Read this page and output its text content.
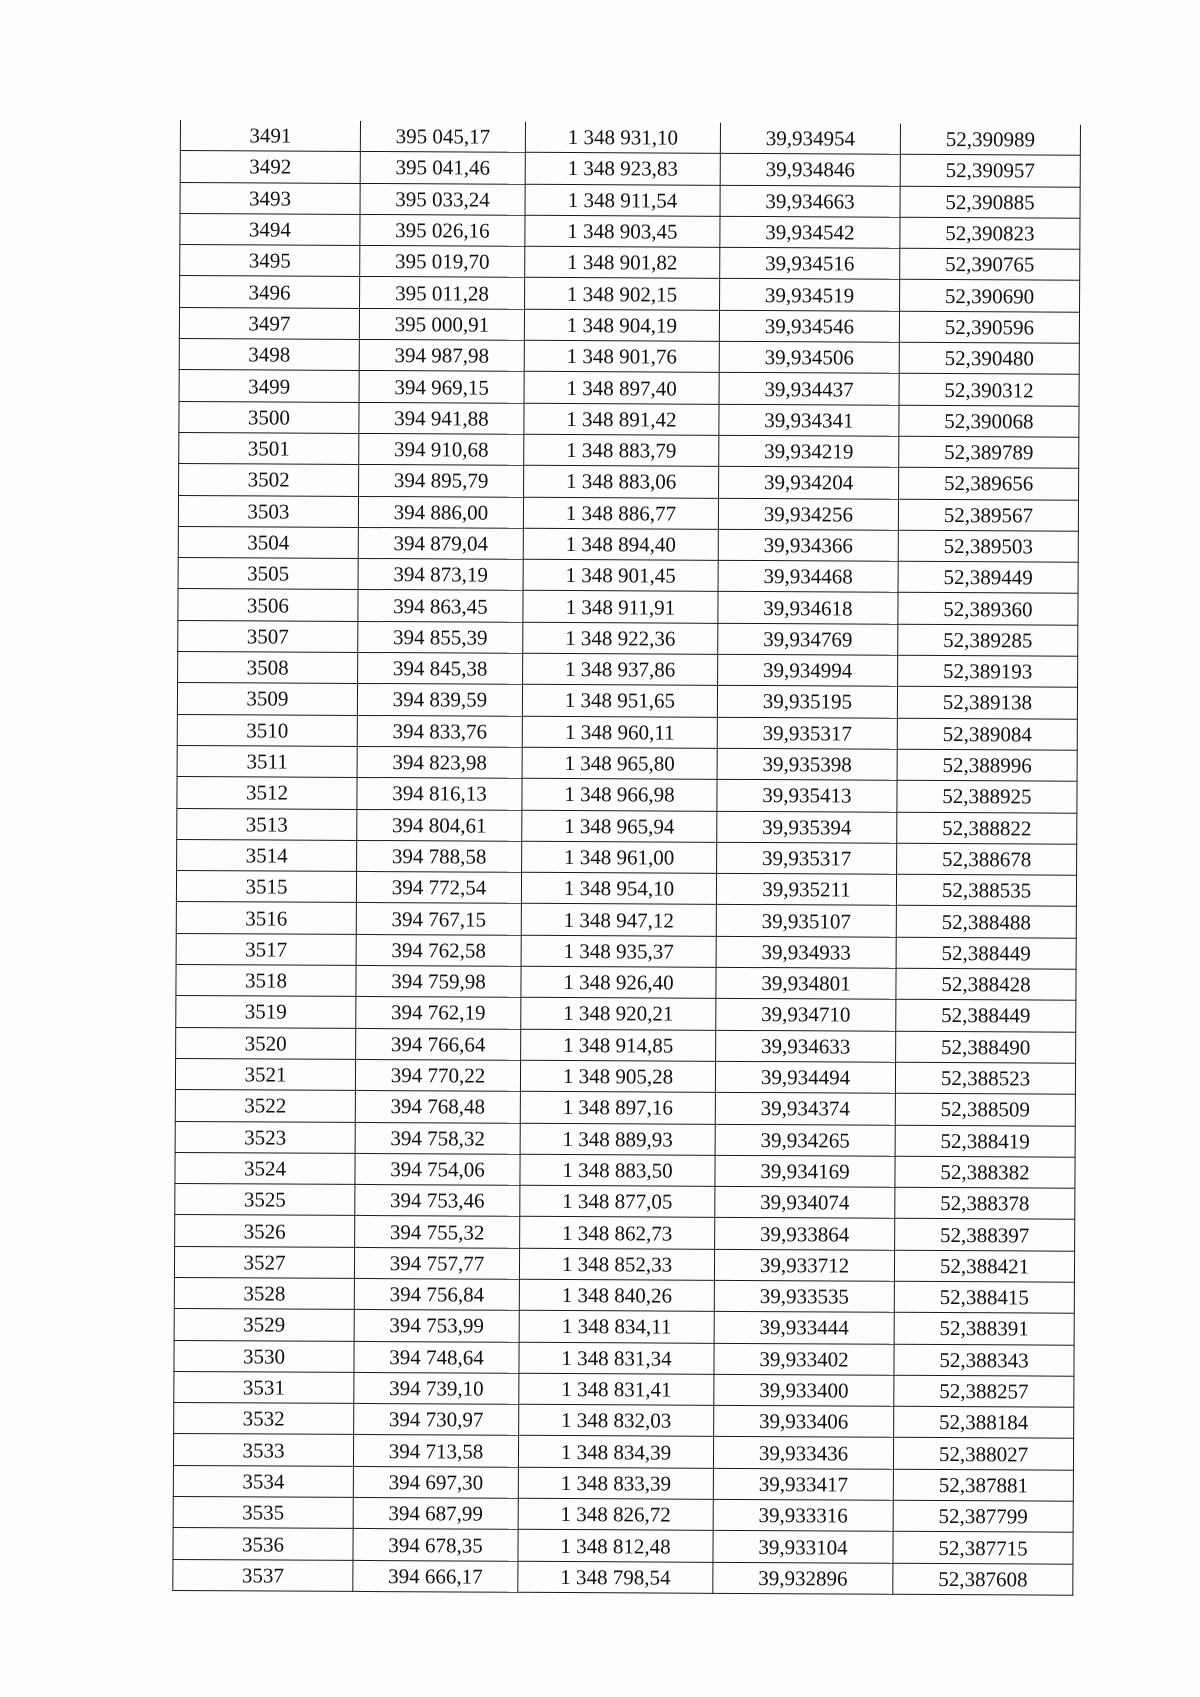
3491	395 045,17	1 348 931,10	39,934954	52,390989
3492	395 041,46	1 348 923,83	39,934846	52,390957
3493	395 033,24	1 348 911,54	39,934663	52,390885
3494	395 026,16	1 348 903,45	39,934542	52,390823
3495	395 019,70	1 348 901,82	39,934516	52,390765
3496	395 011,28	1 348 902,15	39,934519	52,390690
3497	395 000,91	1 348 904,19	39,934546	52,390596
3498	394 987,98	1 348 901,76	39,934506	52,390480
3499	394 969,15	1 348 897,40	39,934437	52,390312
3500	394 941,88	1 348 891,42	39,934341	52,390068
3501	394 910,68	1 348 883,79	39,934219	52,389789
3502	394 895,79	1 348 883,06	39,934204	52,389656
3503	394 886,00	1 348 886,77	39,934256	52,389567
3504	394 879,04	1 348 894,40	39,934366	52,389503
3505	394 873,19	1 348 901,45	39,934468	52,389449
3506	394 863,45	1 348 911,91	39,934618	52,389360
3507	394 855,39	1 348 922,36	39,934769	52,389285
3508	394 845,38	1 348 937,86	39,934994	52,389193
3509	394 839,59	1 348 951,65	39,935195	52,389138
3510	394 833,76	1 348 960,11	39,935317	52,389084
3511	394 823,98	1 348 965,80	39,935398	52,388996
3512	394 816,13	1 348 966,98	39,935413	52,388925
3513	394 804,61	1 348 965,94	39,935394	52,388822
3514	394 788,58	1 348 961,00	39,935317	52,388678
3515	394 772,54	1 348 954,10	39,935211	52,388535
3516	394 767,15	1 348 947,12	39,935107	52,388488
3517	394 762,58	1 348 935,37	39,934933	52,388449
3518	394 759,98	1 348 926,40	39,934801	52,388428
3519	394 762,19	1 348 920,21	39,934710	52,388449
3520	394 766,64	1 348 914,85	39,934633	52,388490
3521	394 770,22	1 348 905,28	39,934494	52,388523
3522	394 768,48	1 348 897,16	39,934374	52,388509
3523	394 758,32	1 348 889,93	39,934265	52,388419
3524	394 754,06	1 348 883,50	39,934169	52,388382
3525	394 753,46	1 348 877,05	39,934074	52,388378
3526	394 755,32	1 348 862,73	39,933864	52,388397
3527	394 757,77	1 348 852,33	39,933712	52,388421
3528	394 756,84	1 348 840,26	39,933535	52,388415
3529	394 753,99	1 348 834,11	39,933444	52,388391
3530	394 748,64	1 348 831,34	39,933402	52,388343
3531	394 739,10	1 348 831,41	39,933400	52,388257
3532	394 730,97	1 348 832,03	39,933406	52,388184
3533	394 713,58	1 348 834,39	39,933436	52,388027
3534	394 697,30	1 348 833,39	39,933417	52,387881
3535	394 687,99	1 348 826,72	39,933316	52,387799
3536	394 678,35	1 348 812,48	39,933104	52,387715
3537	394 666,17	1 348 798,54	39,932896	52,387608
